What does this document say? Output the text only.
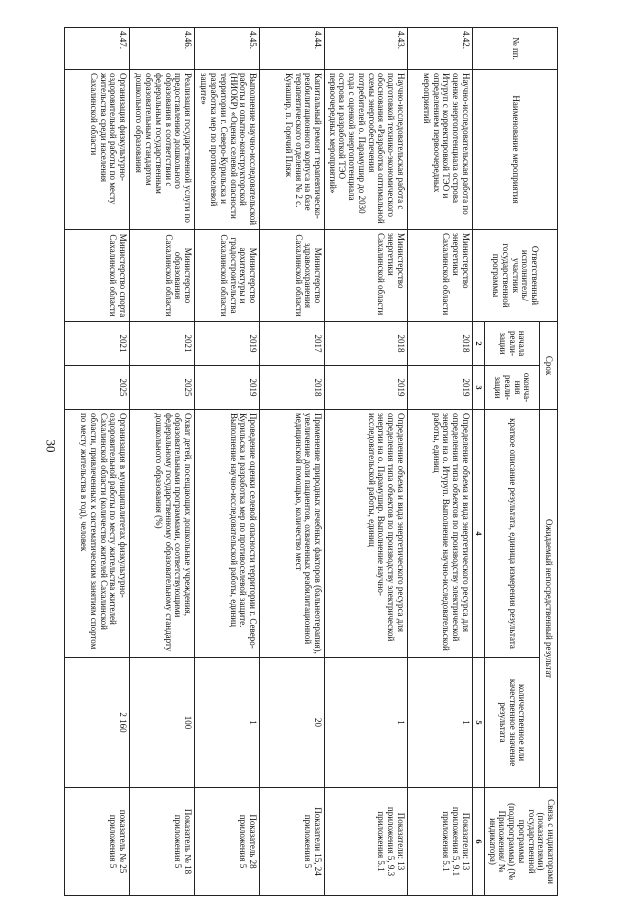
30
№ пп.	Наименование мероприятия	Ответственный исполнитель/участник государственной программы	Срок		Ожидаемый непосредственный результат		Связь с индикаторами (показателями) государственной программы (подпрограммы) (№ Приложения/ № индикатора)	
			начала реали-зации	оконча-ния реали-зации	краткое описание результата, единица измерения результата	количественное или качественное значение результата		
			2	3	4	5	6		
4.42.	Научно-исследовательская работа по оценке энергопотенциала острова Итуруп с корректировкой ТЭО и определением первоочередных мероприятий	Министерство энергетики Сахалинской области	2018	2019	Определение объема и вида энергетического ресурса для определения типа объектов по производству электрической энергии на о. Итуруп. Выполнение научно-исследовательской работы, единиц	1	Показатели: 13 приложения 5, 9.1 приложения 5.1	
4.43.	Научно-исследовательская работа с подготовкой технико-экономического обоснования «Разработка оптимальной схемы энергообеспечения потребителей о. Парамушир до 2030 года с оценкой энергопотенциала острова и разработкой ТЭО первоочередных мероприятий»	Министерство энергетики Сахалинской области	2018	2019	Определение объема и вида энергетического ресурса для определения типа объектов по производству электрической энергии на о. Парамушир. Выполнение научно-исследовательской работы, единиц	1	Показатели: 13 приложения 5, 9.3 приложения 5.1	
4.44.	Капитальный ремонт терапевтическо-реабилитационного корпуса на базе терапевтического отделения № 2 с. Кунашир, п. Горячий Пляж	Министерство здравоохранения Сахалинской области	2017	2018	Применение природных лечебных факторов (бальнеотерапия), увеличение доли пациентов, охваченных реабилитационной медицинской помощью, количество мест	20	Показатели 15, 24 приложения 5	
4.45.	Выполнение научно-исследовательской работы и опытно-конструкторской (НИОКР) «Оценка селевой опасности территории г. Северо-Курильска и разработка мер по противоселевой защите»	Министерство архитектуры и градостроительства Сахалинской области	2019	2019	Проведение оценки селевой опасности территории г. Северо-Курильска и разработка мер по противоселевой защите. Выполнение научно-исследовательской работы, единиц	1	Показатель 28 приложения 5	
4.46.	Реализация государственной услуги по предоставлению дошкольного образования в соответствии с федеральным государственным образовательным стандартом дошкольного образования	Министерство образования Сахалинской области	2021	2025	Охват детей, посещающих дошкольные учреждения, образовательными программами, соответствующими федеральному государственному образовательному стандарту дошкольного образования (%)	100	Показатель № 18 приложения 5	
4.47.	Организация физкультурно-оздоровительной работы по месту жительства среди населения Сахалинской области	Министерство спорта Сахалинской области	2021	2025	Организация в муниципалитетах физкультурно-оздоровительной работы по месту жительства жителей Сахалинской области (количество жителей Сахалинской области, привлеченных к систематическим занятиям спортом по месту жительства в год), человек	2 160	показатель № 25 приложения 5	
